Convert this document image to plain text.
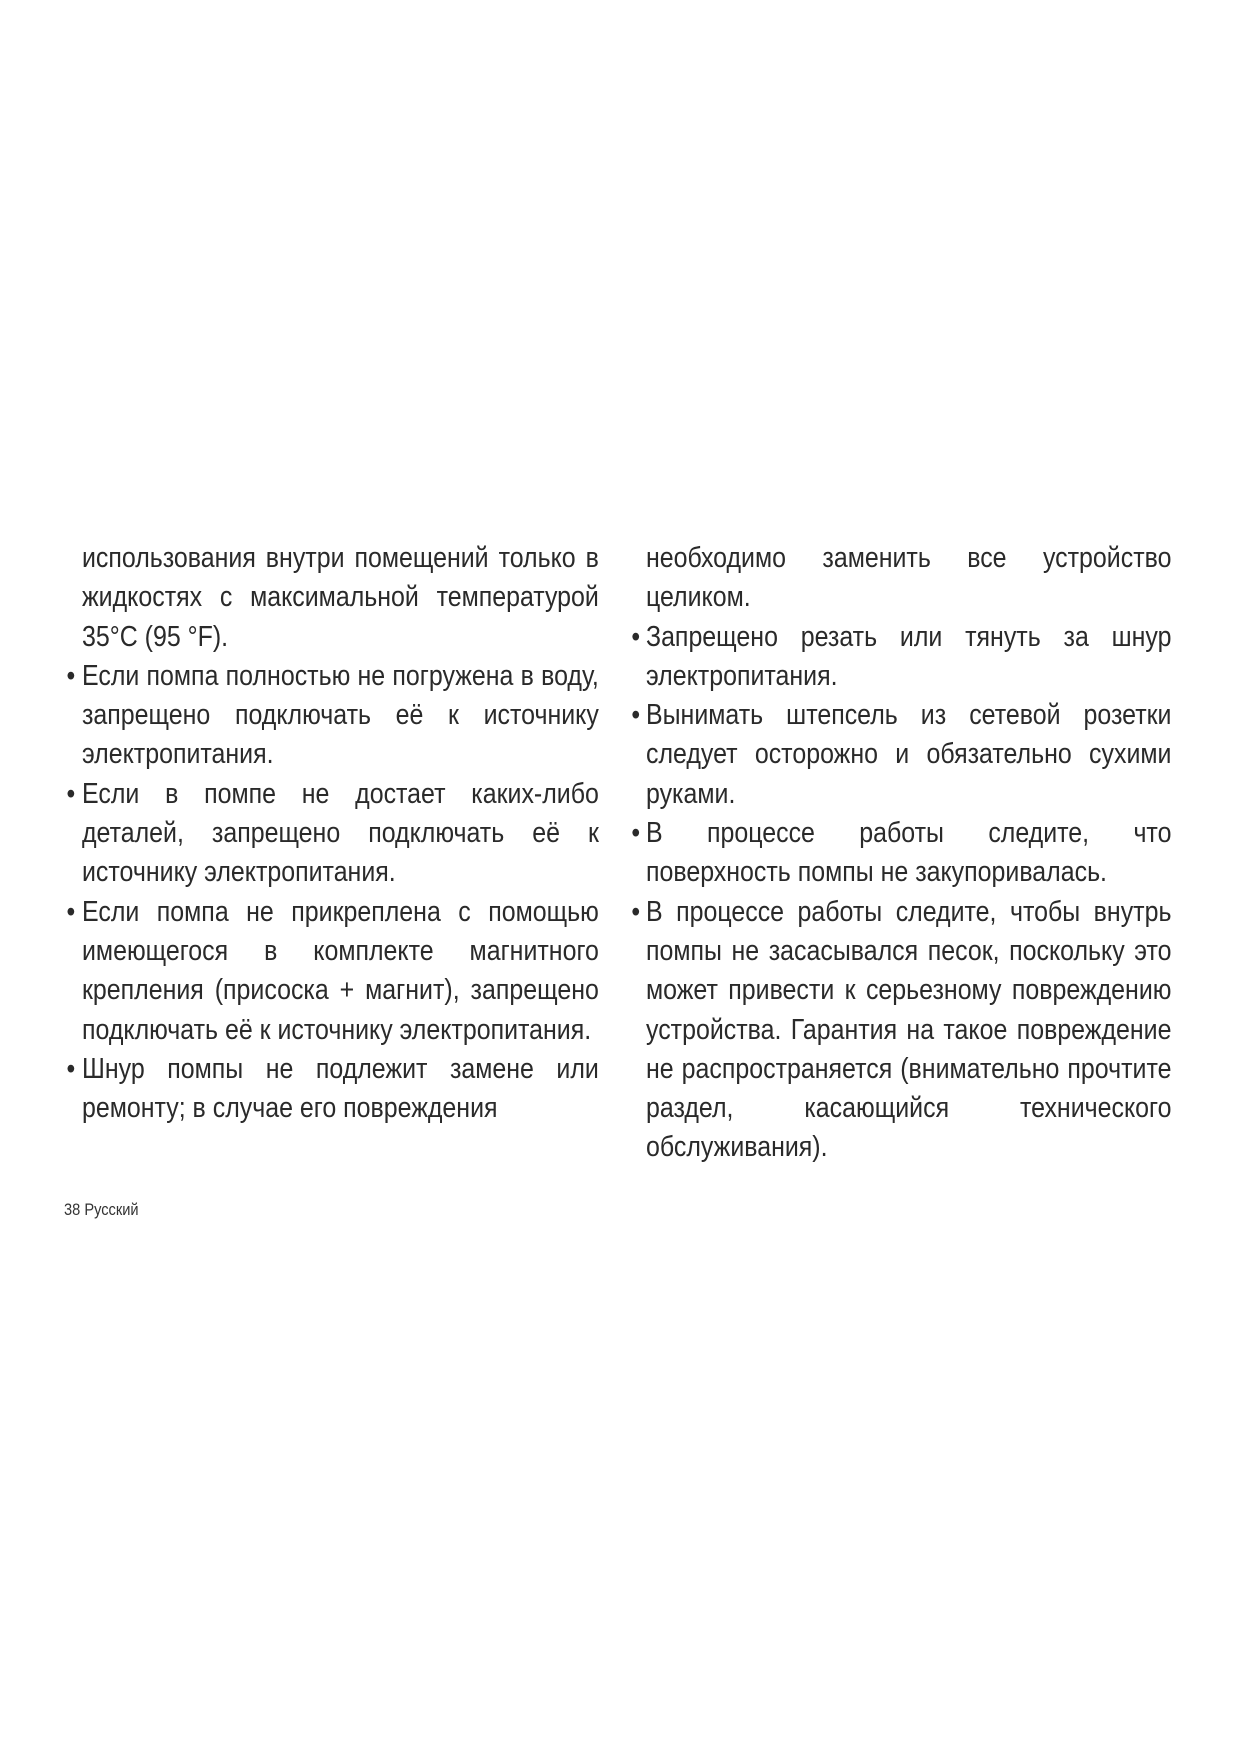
использования внутри помещений только в жидкостях с максимальной температурой 35°C (95 °F).
• Если помпа полностью не погружена в воду, запрещено подключать её к источнику электропитания.
• Если в помпе не достает каких-либо деталей, запрещено подключать её к источнику электропитания.
• Если помпа не прикреплена с помощью имеющегося в комплекте магнитного крепления (присоска + магнит), запрещено подключать её к источнику электропитания.
• Шнур помпы не подлежит замене или ремонту; в случае его повреждения
необходимо заменить все устройство целиком.
• Запрещено резать или тянуть за шнур электропитания.
• Вынимать штепсель из сетевой розетки следует осторожно и обязательно сухими руками.
• В процессе работы следите, что поверхность помпы не закупоривалась.
• В процессе работы следите, чтобы внутрь помпы не засасывался песок, поскольку это может привести к серьезному повреждению устройства. Гарантия на такое повреждение не распространяется (внимательно прочтите раздел, касающийся технического обслуживания).
38 Русский
